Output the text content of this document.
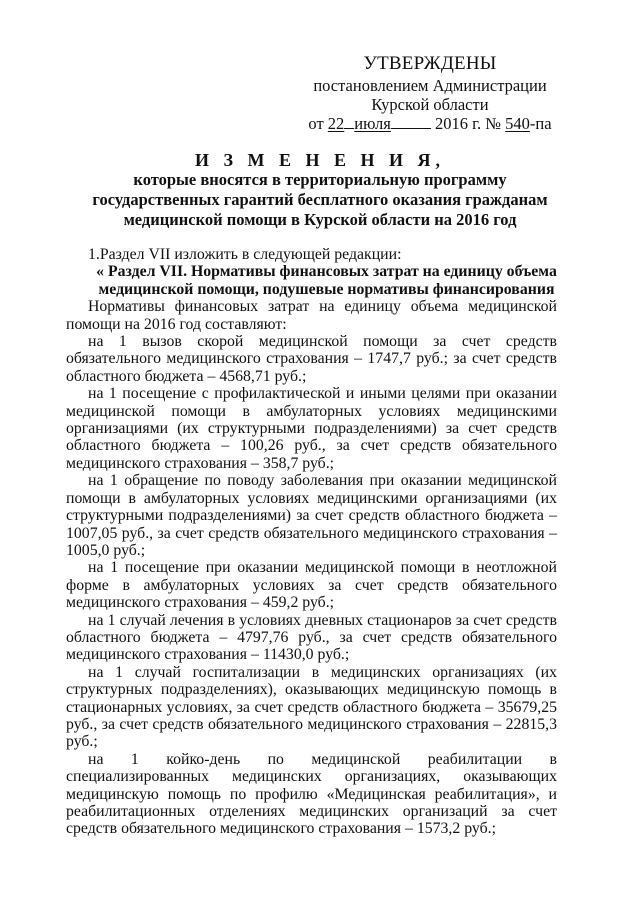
УТВЕРЖДЕНЫ
постановлением Администрации
Курской области
от 22 июля	2016 г. № 540-па
И З М Е Н Е Н И Я,
которые вносятся в территориальную программу
государственных гарантий бесплатного оказания гражданам
медицинской помощи в Курской области на 2016 год

1.Раздел VII изложить в следующей редакции:

« Раздел VII. Нормативы финансовых затрат на единицу объема медицинской помощи, подушевые нормативы финансирования

Нормативы финансовых затрат на единицу объема медицинской помощи на 2016 год составляют:

на 1 вызов скорой медицинской помощи за счет средств обязательного медицинского страхования – 1747,7 руб.; за счет средств областного бюджета – 4568,71 руб.;

на 1 посещение с профилактической и иными целями при оказании медицинской помощи в амбулаторных условиях медицинскими организациями (их структурными подразделениями) за счет средств областного бюджета – 100,26 руб., за счет средств обязательного медицинского страхования – 358,7 руб.;

на 1 обращение по поводу заболевания при оказании медицинской помощи в амбулаторных условиях медицинскими организациями (их структурными подразделениями) за счет средств областного бюджета – 1007,05 руб., за счет средств обязательного медицинского страхования – 1005,0 руб.;

на 1 посещение при оказании медицинской помощи в неотложной форме в амбулаторных условиях за счет средств обязательного медицинского страхования – 459,2 руб.;

на 1 случай лечения в условиях дневных стационаров за счет средств областного бюджета – 4797,76 руб., за счет средств обязательного медицинского страхования – 11430,0 руб.;

на 1 случай госпитализации в медицинских организациях (их структурных подразделениях), оказывающих медицинскую помощь в стационарных условиях, за счет средств областного бюджета – 35679,25 руб., за счет средств обязательного медицинского страхования – 22815,3 руб.;

на 1 койко-день по медицинской реабилитации в специализированных медицинских организациях, оказывающих медицинскую помощь по профилю «Медицинская реабилитация», и реабилитационных отделениях медицинских организаций за счет средств обязательного медицинского страхования – 1573,2 руб.;
